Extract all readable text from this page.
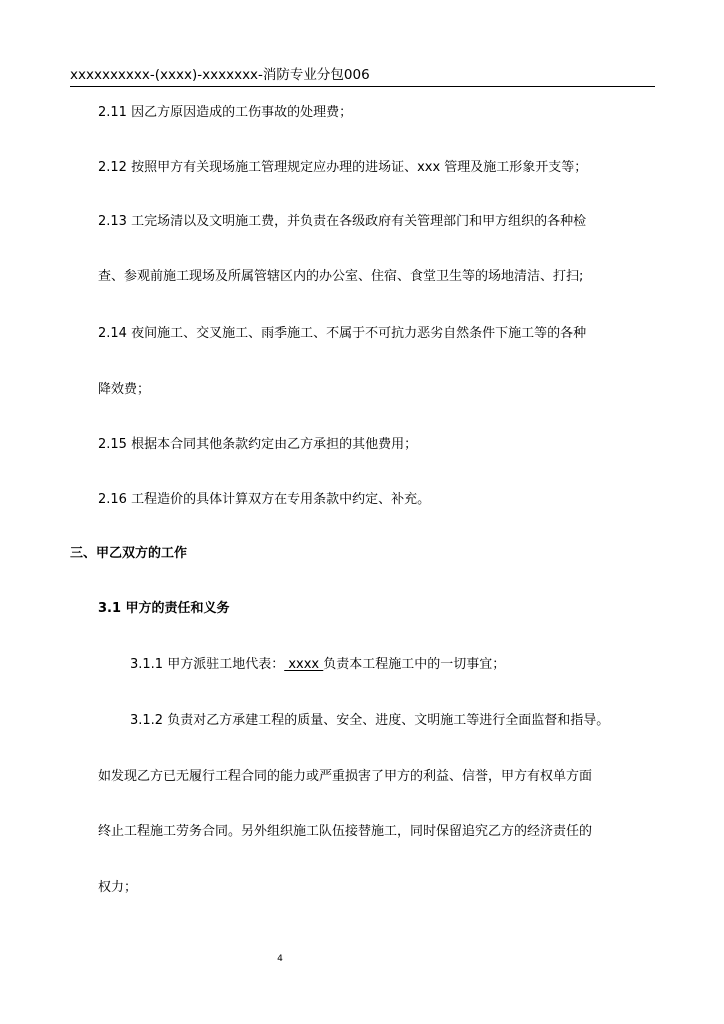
xxxxxxxxxx-(xxxx)-xxxxxxx-消防专业分包006
2.11 因乙方原因造成的工伤事故的处理费；
2.12 按照甲方有关现场施工管理规定应办理的进场证、xxx 管理及施工形象开支等；
2.13 工完场清以及文明施工费，并负责在各级政府有关管理部门和甲方组织的各种检
查、参观前施工现场及所属管辖区内的办公室、住宿、食堂卫生等的场地清洁、打扫;
2.14 夜间施工、交叉施工、雨季施工、不属于不可抗力恶劣自然条件下施工等的各种
降效费；
2.15 根据本合同其他条款约定由乙方承担的其他费用；
2.16 工程造价的具体计算双方在专用条款中约定、补充。
三、甲乙双方的工作
3.1 甲方的责任和义务
3.1.1 甲方派驻工地代表： xxxx 负责本工程施工中的一切事宜；
3.1.2 负责对乙方承建工程的质量、安全、进度、文明施工等进行全面监督和指导。
如发现乙方已无履行工程合同的能力或严重损害了甲方的利益、信誉，甲方有权单方面
终止工程施工劳务合同。另外组织施工队伍接替施工，同时保留追究乙方的经济责任的
权力；
4
